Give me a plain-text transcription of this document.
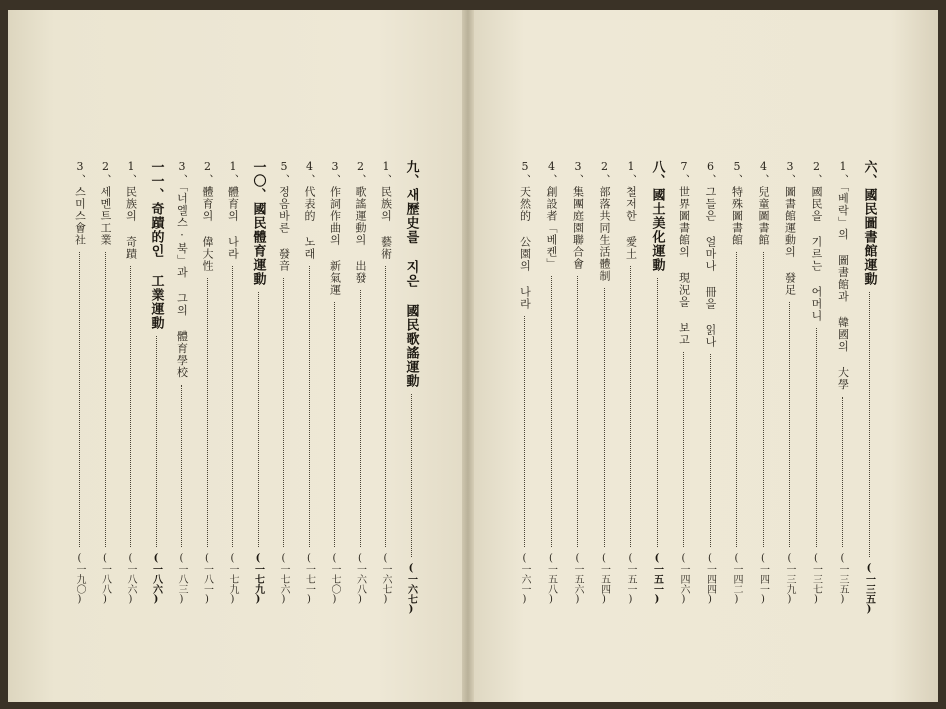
九、새歷史를 지은 國民歌謠運動
(一六七)
1、民族의 藝術
(一六七)
2、歌謠運動의 出發
(一六八)
3、作詞作曲의 新氣運
(一七〇)
4、代表的 노래
(一七一)
5、정음바른 發音
(一七六)
一〇、國民體育運動
(一七九)
1、體育의 나라
(一七九)
2、體育의 偉大性
(一八一)
3、「너엘스·북」과 그의 體育學校
(一八三)
一一、奇蹟的인 工業運動
(一八六)
1、民族의 奇蹟
(一八六)
2、세멘트工業
(一八八)
3、스미스會社
(一九〇)
六、國民圖書館運動
(一三五)
1、「베락」의 圖書館과 韓國의 大學
(一三五)
2、國民을 기르는 어머니
(一三七)
3、圖書館運動의 發足
(一三九)
4、兒童圖書館
(一四一)
5、特殊圖書館
(一四二)
6、그들은 얼마나 冊을 읽나
(一四四)
7、世界圖書館의 現況을 보고
(一四六)
八、國土美化運動
(一五一)
1、철저한 愛土
(一五一)
2、部落共同生活體制
(一五四)
3、集團庭園聯合會
(一五六)
4、創設者「베켄」
(一五八)
5、天然的 公園의 나라
(一六一)
